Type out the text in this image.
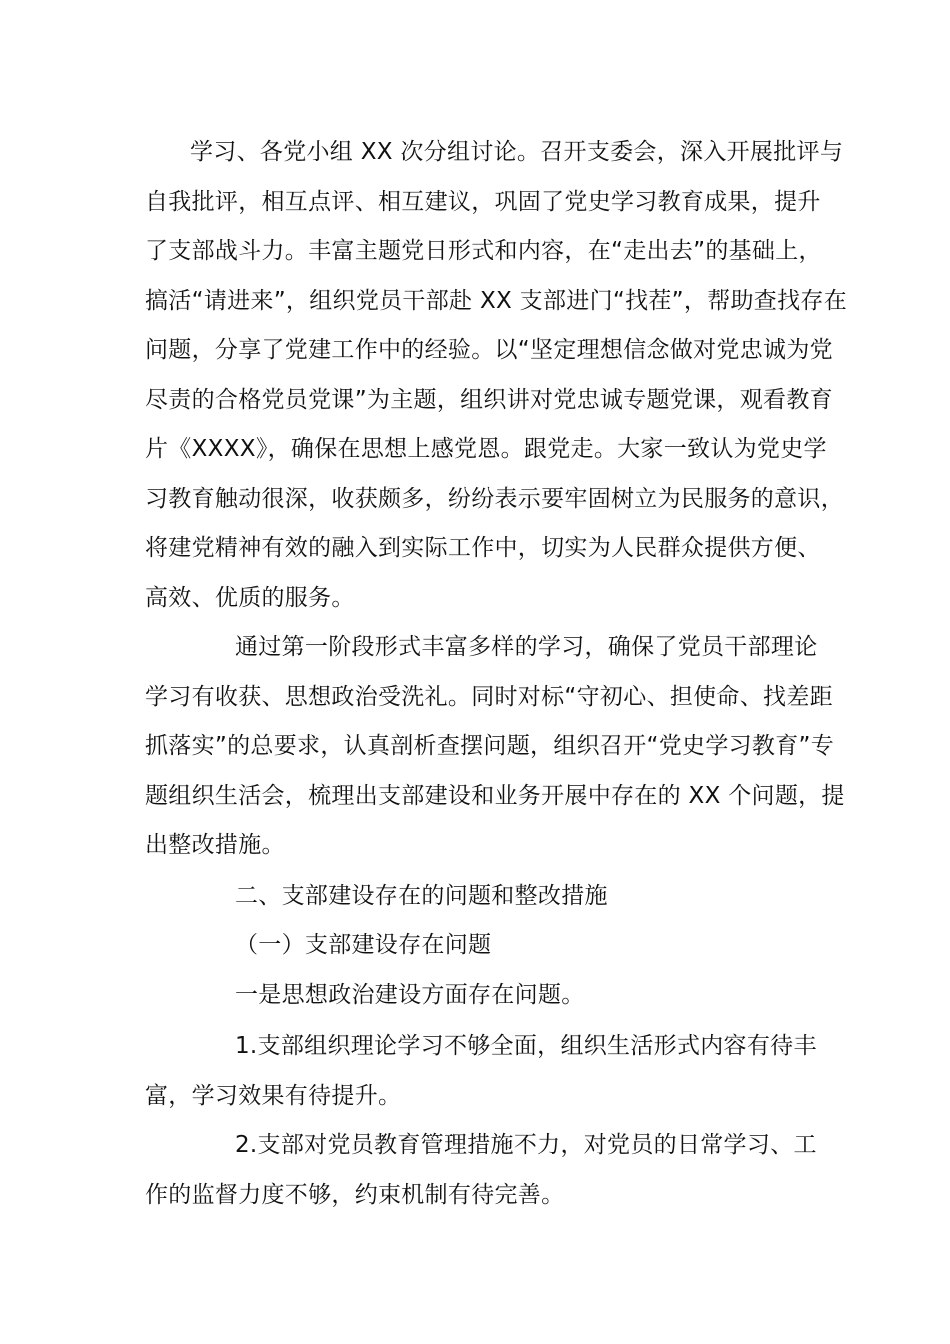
学习、各党小组 XX 次分组讨论。召开支委会，深入开展批评与
自我批评，相互点评、相互建议，巩固了党史学习教育成果，提升
了支部战斗力。丰富主题党日形式和内容，在“走出去”的基础上，
搞活“请进来”，组织党员干部赴 XX 支部进门“找茬”，帮助查找存在
问题，分享了党建工作中的经验。以“坚定理想信念做对党忠诚为党
尽责的合格党员党课”为主题，组织讲对党忠诚专题党课，观看教育
片《XXXX》，确保在思想上感党恩。跟党走。大家一致认为党史学
习教育触动很深，收获颇多，纷纷表示要牢固树立为民服务的意识，
将建党精神有效的融入到实际工作中，切实为人民群众提供方便、
高效、优质的服务。
通过第一阶段形式丰富多样的学习，确保了党员干部理论
学习有收获、思想政治受洗礼。同时对标“守初心、担使命、找差距
抓落实”的总要求，认真剖析查摆问题，组织召开“党史学习教育”专
题组织生活会，梳理出支部建设和业务开展中存在的 XX 个问题，提
出整改措施。
二、支部建设存在的问题和整改措施
（一）支部建设存在问题
一是思想政治建设方面存在问题。
1.支部组织理论学习不够全面，组织生活形式内容有待丰
富，学习效果有待提升。
2.支部对党员教育管理措施不力，对党员的日常学习、工
作的监督力度不够，约束机制有待完善。
